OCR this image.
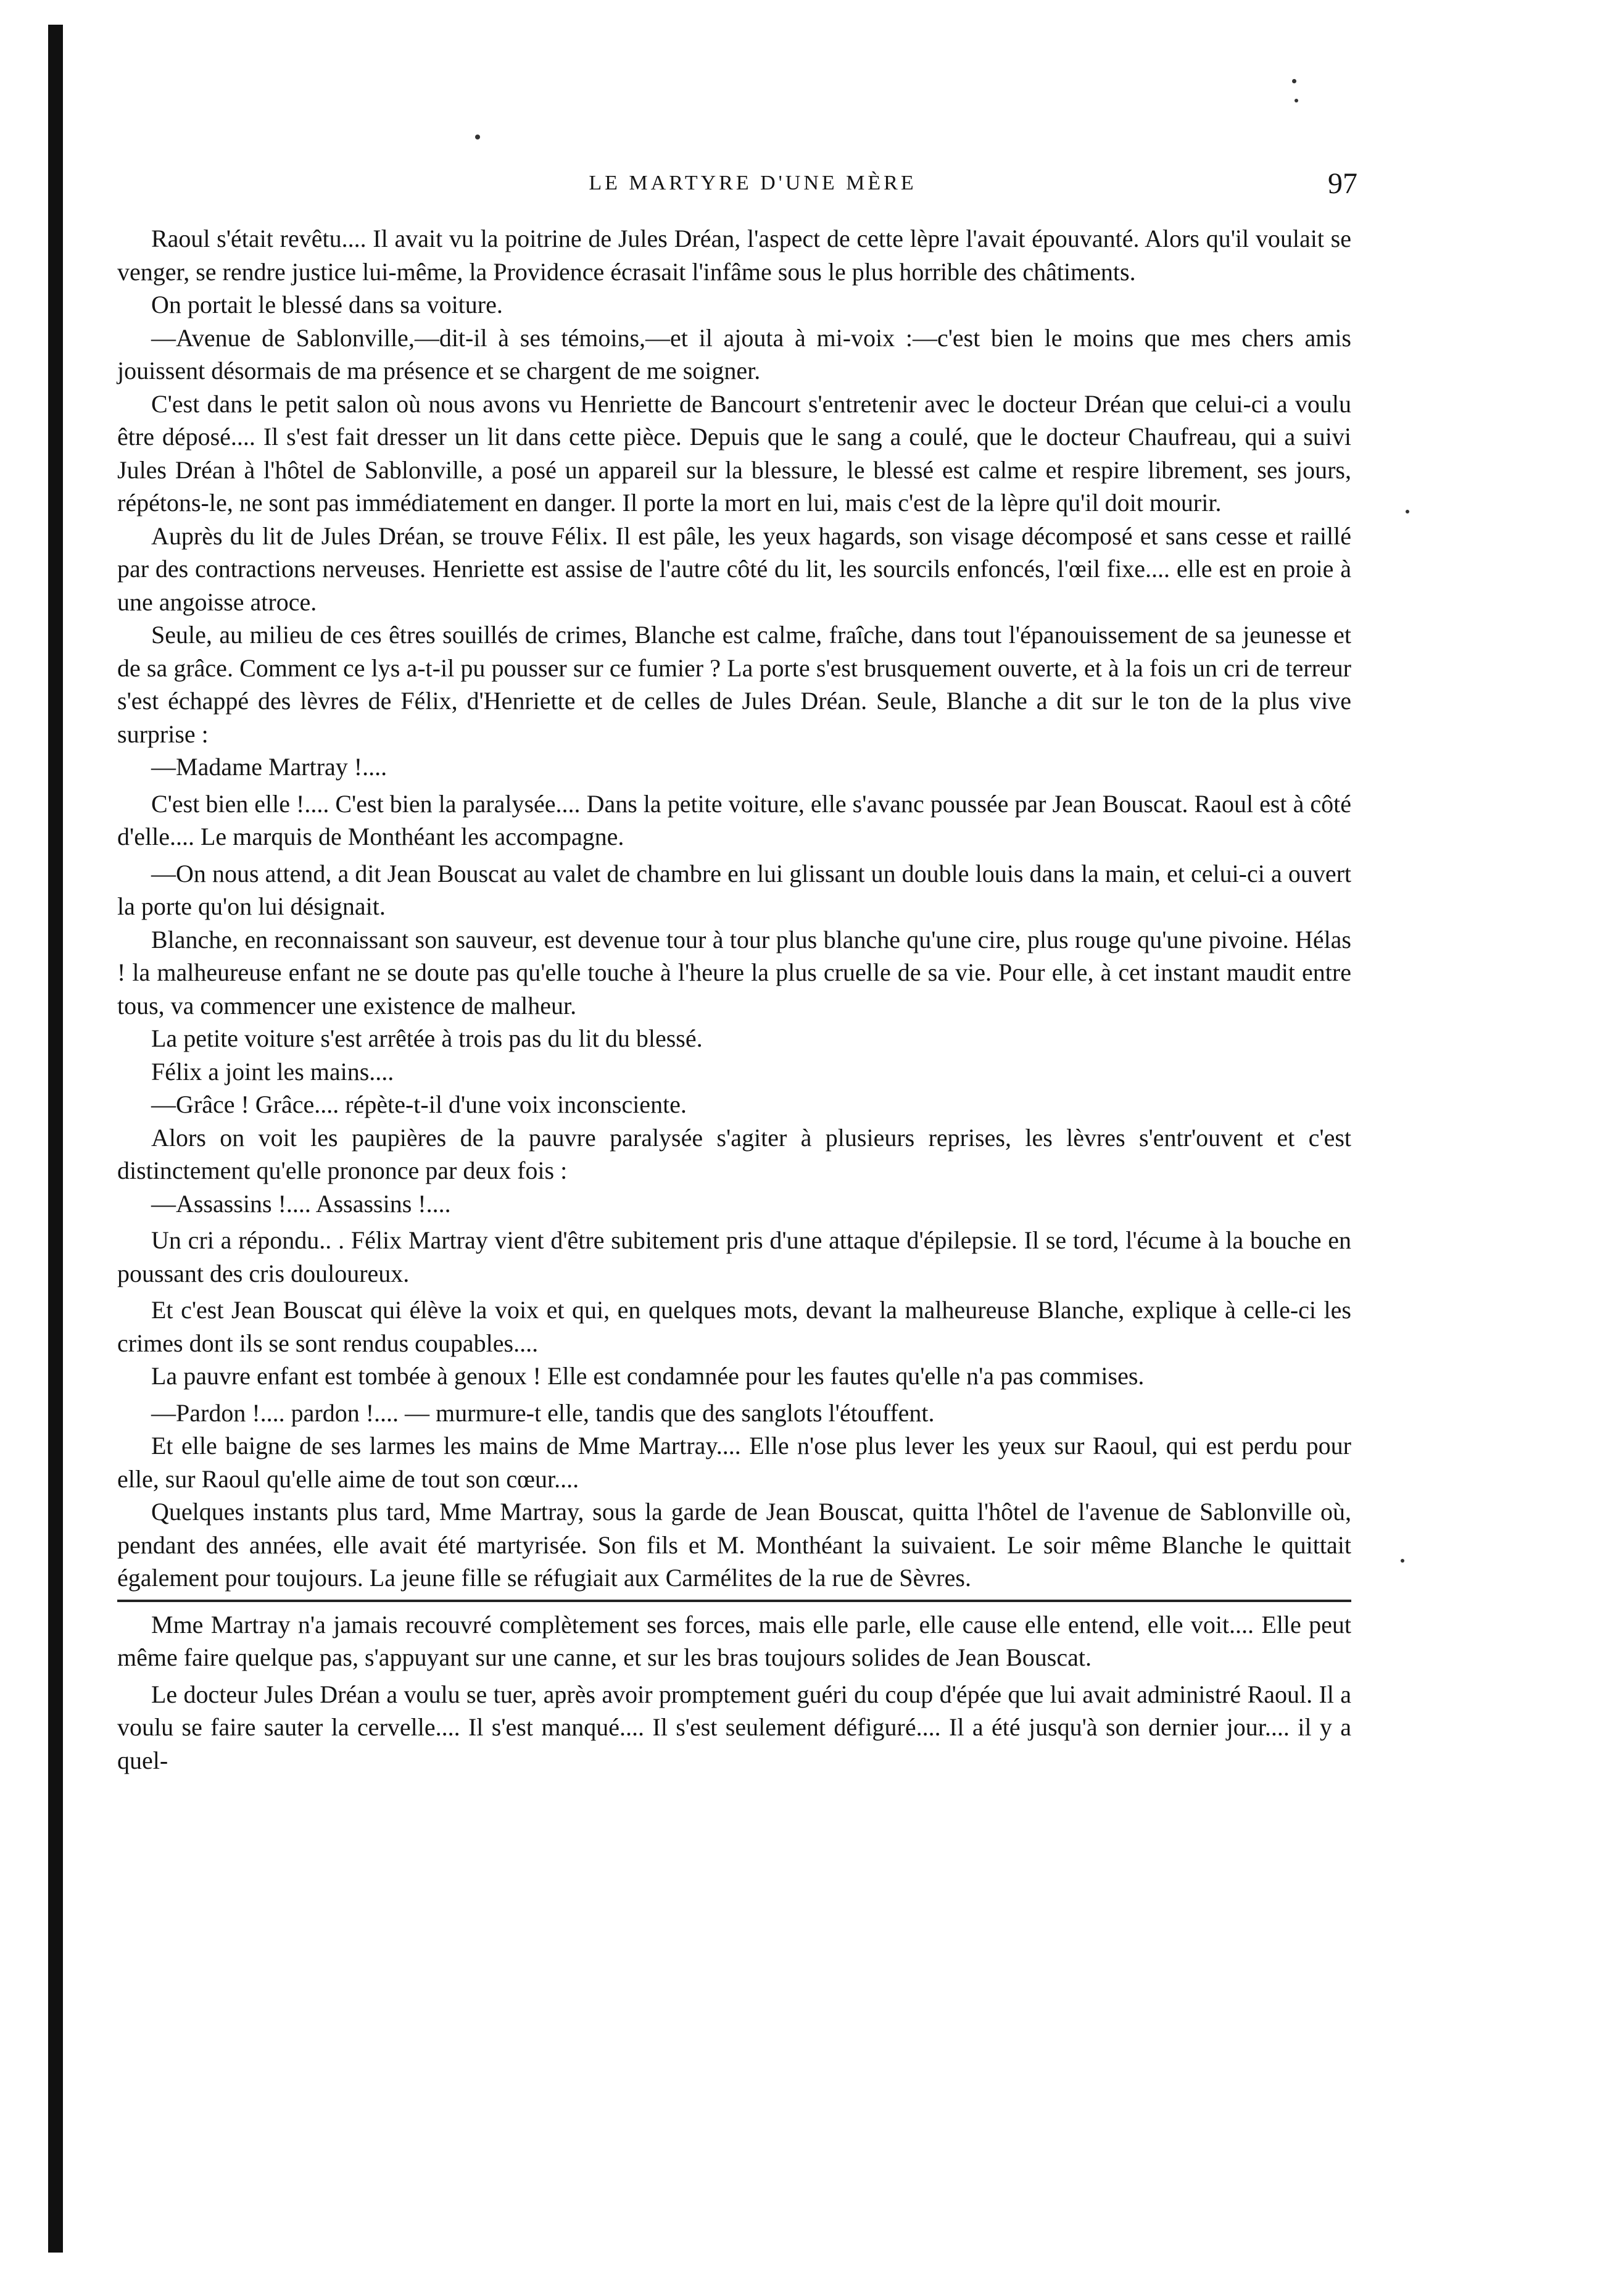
LE MARTYRE D'UNE MÈRE	97

Raoul s'était revêtu.... Il avait vu la poitrine de Jules Dréan, l'aspect de cette lèpre l'avait épouvanté. Alors qu'il voulait se venger, se rendre justice lui-même, la Providence écrasait l'infâme sous le plus horrible des châtiments.

On portait le blessé dans sa voiture.

—Avenue de Sablonville,—dit-il à ses témoins,—et il ajouta à mi-voix :—c'est bien le moins que mes chers amis jouissent désormais de ma présence et se chargent de me soigner.

C'est dans le petit salon où nous avons vu Henriette de Bancourt s'entretenir avec le docteur Dréan que celui-ci a voulu être déposé.... Il s'est fait dresser un lit dans cette pièce. Depuis que le sang a coulé, que le docteur Chaufreau, qui a suivi Jules Dréan à l'hôtel de Sablonville, a posé un appareil sur la blessure, le blessé est calme et respire librement, ses jours, répétons-le, ne sont pas immédiatement en danger. Il porte la mort en lui, mais c'est de la lèpre qu'il doit mourir.

Auprès du lit de Jules Dréan, se trouve Félix. Il est pâle, les yeux hagards, son visage décomposé et sans cesse et raillé par des contractions nerveuses. Henriette est assise de l'autre côté du lit, les sourcils enfoncés, l'œil fixe.... elle est en proie à une angoisse atroce.

Seule, au milieu de ces êtres souillés de crimes, Blanche est calme, fraîche, dans tout l'épanouissement de sa jeunesse et de sa grâce. Comment ce lys a-t-il pu pousser sur ce fumier ? La porte s'est brusquement ouverte, et à la fois un cri de terreur s'est échappé des lèvres de Félix, d'Henriette et de celles de Jules Dréan. Seule, Blanche a dit sur le ton de la plus vive surprise :

—Madame Martray !....

C'est bien elle !.... C'est bien la paralysée.... Dans la petite voiture, elle s'avanc poussée par Jean Bouscat. Raoul est à côté d'elle.... Le marquis de Monthéant les accompagne.

—On nous attend, a dit Jean Bouscat au valet de chambre en lui glissant un double louis dans la main, et celui-ci a ouvert la porte qu'on lui désignait.

Blanche, en reconnaissant son sauveur, est devenue tour à tour plus blanche qu'une cire, plus rouge qu'une pivoine. Hélas ! la malheureuse enfant ne se doute pas qu'elle touche à l'heure la plus cruelle de sa vie. Pour elle, à cet instant maudit entre tous, va commencer une existence de malheur.

La petite voiture s'est arrêtée à trois pas du lit du blessé.

Félix a joint les mains....

—Grâce ! Grâce.... répète-t-il d'une voix inconsciente.

Alors on voit les paupières de la pauvre paralysée s'agiter à plusieurs reprises, les lèvres s'entr'ouvent et c'est distinctement qu'elle prononce par deux fois :

—Assassins !.... Assassins !....

Un cri a répondu.. . Félix Martray vient d'être subitement pris d'une attaque d'épilepsie. Il se tord, l'écume à la bouche en poussant des cris douloureux.

Et c'est Jean Bouscat qui élève la voix et qui, en quelques mots, devant la malheureuse Blanche, explique à celle-ci les crimes dont ils se sont rendus coupables....

La pauvre enfant est tombée à genoux ! Elle est condamnée pour les fautes qu'elle n'a pas commises.

—Pardon !.... pardon !.... — murmure-t elle, tandis que des sanglots l'étouffent.

Et elle baigne de ses larmes les mains de Mme Martray.... Elle n'ose plus lever les yeux sur Raoul, qui est perdu pour elle, sur Raoul qu'elle aime de tout son cœur....

Quelques instants plus tard, Mme Martray, sous la garde de Jean Bouscat, quitta l'hôtel de l'avenue de Sablonville où, pendant des années, elle avait été martyrisée. Son fils et M. Monthéant la suivaient. Le soir même Blanche le quittait également pour toujours. La jeune fille se réfugiait aux Carmélites de la rue de Sèvres.

Mme Martray n'a jamais recouvré complètement ses forces, mais elle parle, elle cause elle entend, elle voit.... Elle peut même faire quelque pas, s'appuyant sur une canne, et sur les bras toujours solides de Jean Bouscat.

Le docteur Jules Dréan a voulu se tuer, après avoir promptement guéri du coup d'épée que lui avait administré Raoul. Il a voulu se faire sauter la cervelle.... Il s'est manqué.... Il s'est seulement défiguré.... Il a été jusqu'à son dernier jour.... il y a quel-
